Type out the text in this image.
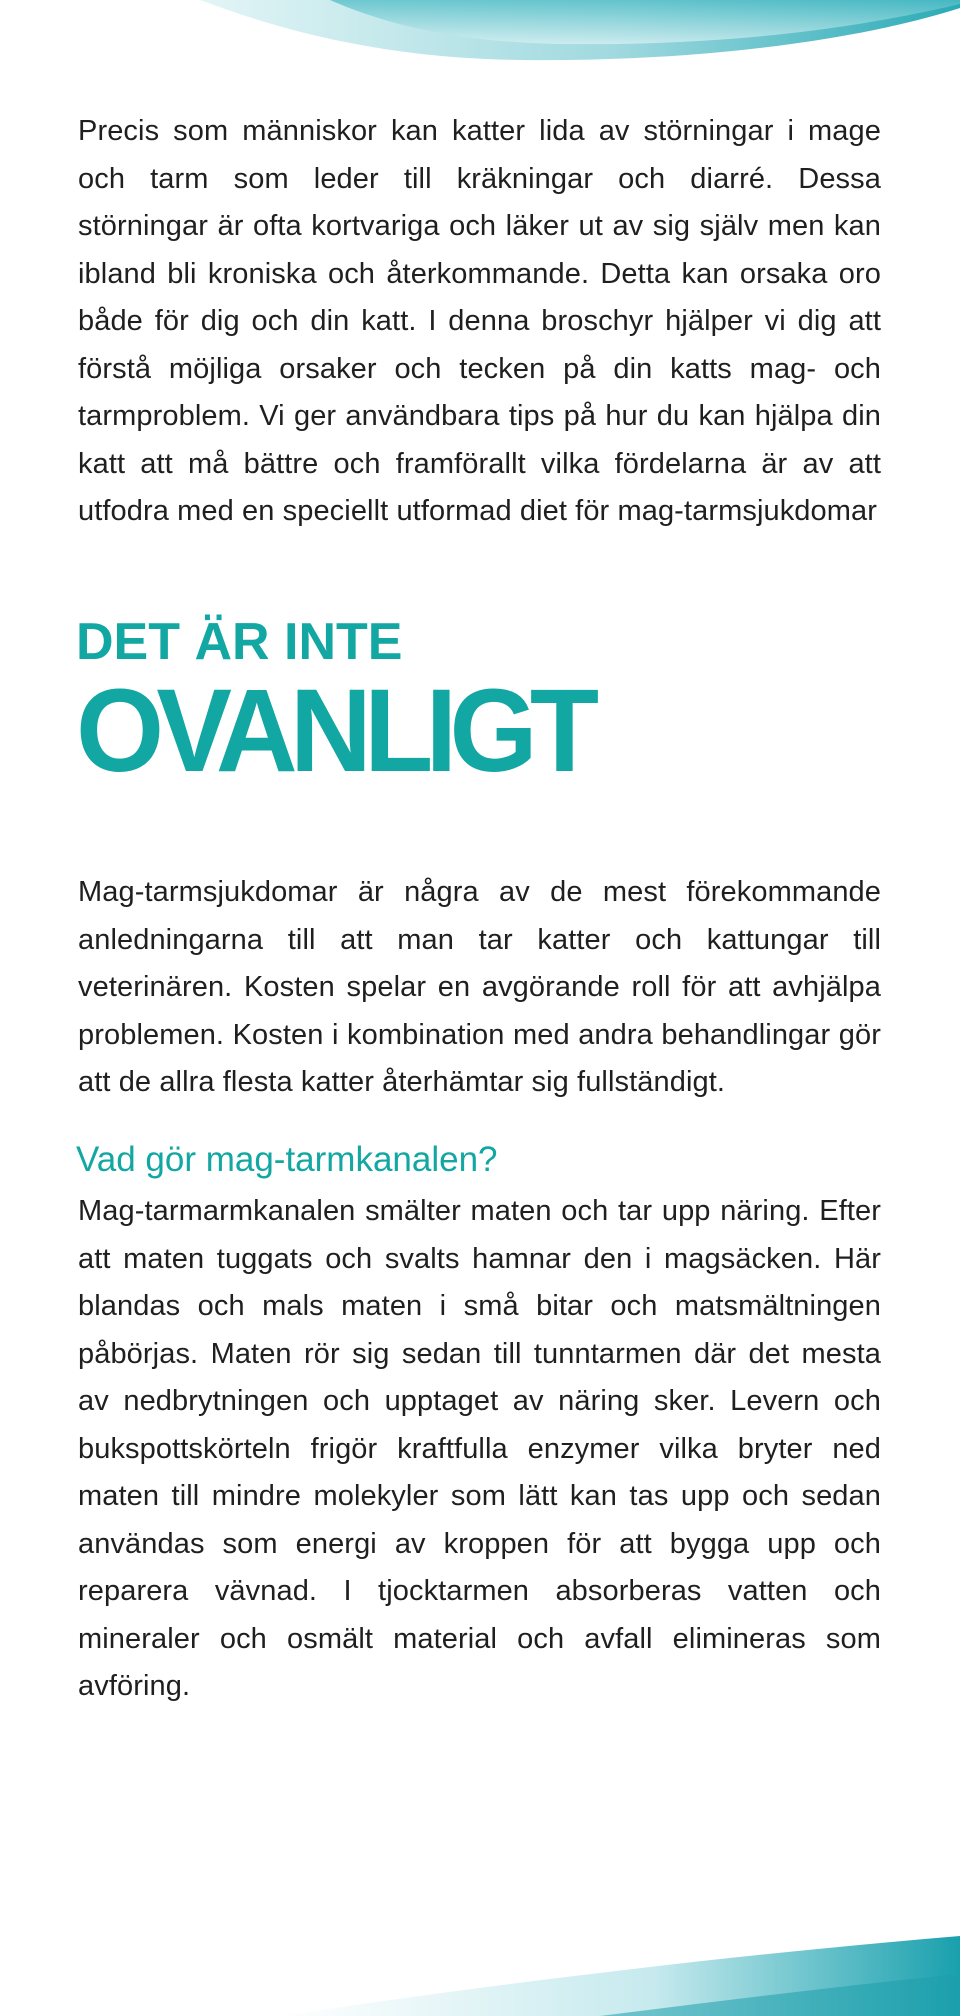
Precis som människor kan katter lida av störningar i mage och tarm som leder till kräkningar och diarré. Dessa störningar är ofta kortvariga och läker ut av sig själv men kan ibland bli kroniska och återkommande. Detta kan orsaka oro både för dig och din katt. I denna broschyr hjälper vi dig att förstå möjliga orsaker och tecken på din katts mag- och tarmproblem. Vi ger användbara tips på hur du kan hjälpa din katt att må bättre och framförallt vilka fördelarna är av att utfodra med en speciellt utformad diet för mag-tarmsjukdomar

DET ÄR INTE
OVANLIGT

Mag-tarmsjukdomar är några av de mest förekommande anledningarna till att man tar katter och kattungar till veterinären. Kosten spelar en avgörande roll för att avhjälpa problemen. Kosten i kombination med andra behandlingar gör att de allra flesta katter återhämtar sig fullständigt.

Vad gör mag-tarmkanalen?

Mag-tarmarmkanalen smälter maten och tar upp näring. Efter att maten tuggats och svalts hamnar den i magsäcken. Här blandas och mals maten i små bitar och matsmältningen påbörjas. Maten rör sig sedan till tunntarmen där det mesta av nedbrytningen och upptaget av näring sker. Levern och bukspottskörteln frigör kraftfulla enzymer vilka bryter ned maten till mindre molekyler som lätt kan tas upp och sedan användas som energi av kroppen för att bygga upp och reparera vävnad. I tjocktarmen absorberas vatten och mineraler och osmält material och avfall elimineras som avföring.
